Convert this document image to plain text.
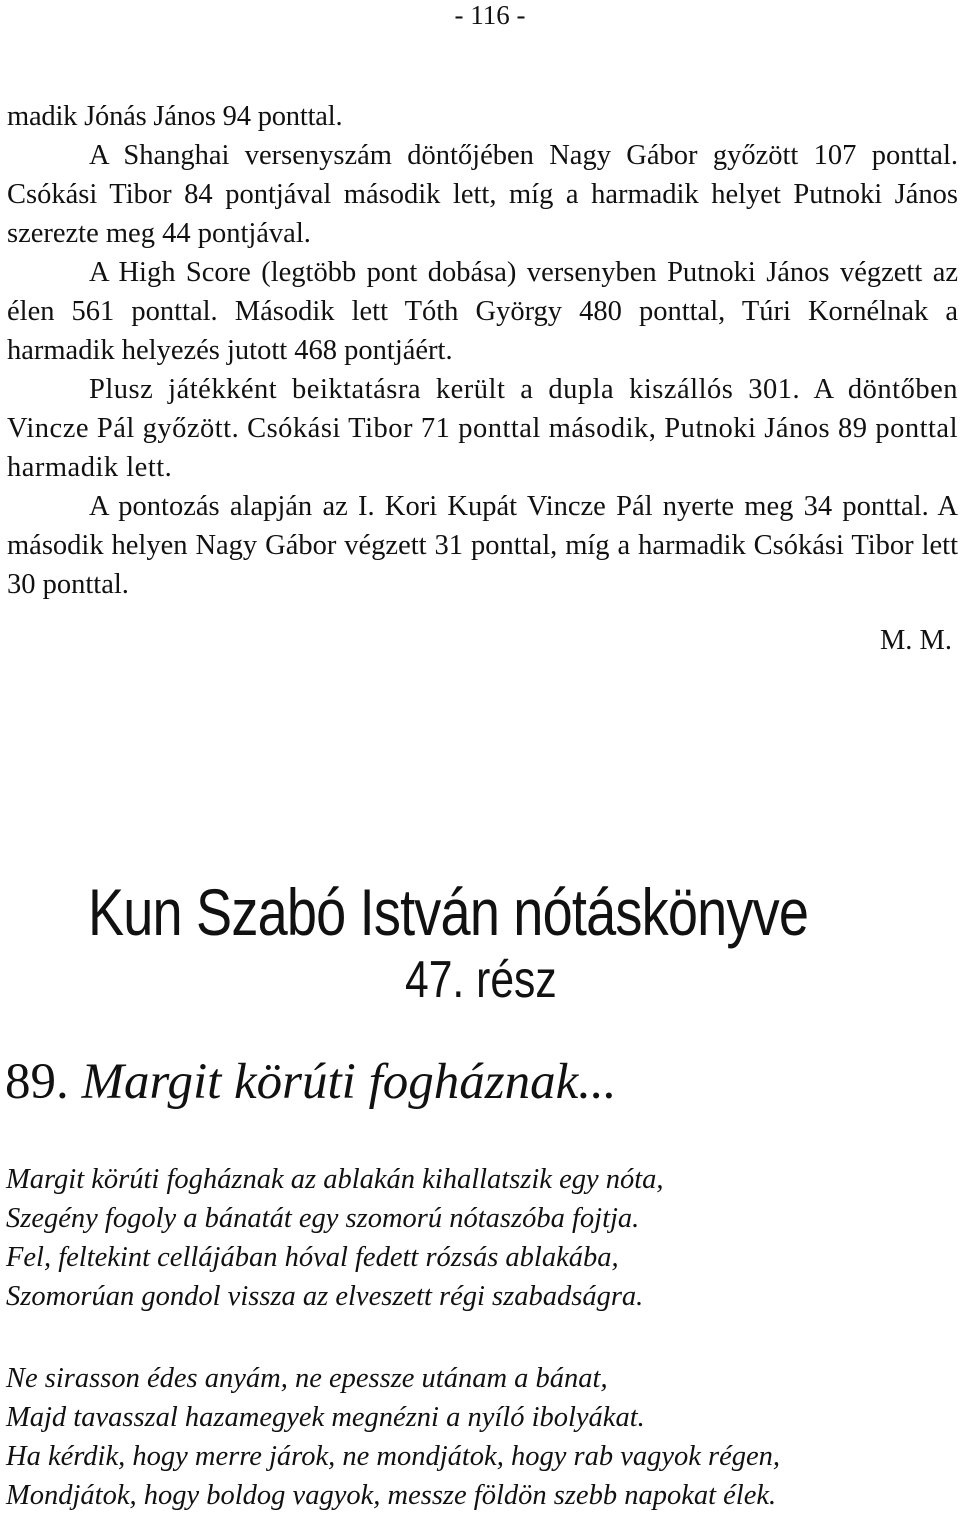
- 116 -

madik Jónás János 94 ponttal.

A Shanghai versenyszám döntőjében Nagy Gábor győzött 107 ponttal. Csókási Tibor 84 pontjával második lett, míg a harmadik helyet Putnoki János szerezte meg 44 pontjával.

A High Score (legtöbb pont dobása) versenyben Putnoki János végzett az élen 561 ponttal. Második lett Tóth György 480 ponttal, Túri Kornélnak a harmadik helyezés jutott 468 pontjáért.

Plusz játékként beiktatásra került a dupla kiszállós 301. A döntőben Vincze Pál győzött. Csókási Tibor 71 ponttal második, Putnoki János 89 ponttal harmadik lett.

A pontozás alapján az I. Kori Kupát Vincze Pál nyerte meg 34 ponttal. A második helyen Nagy Gábor végzett 31 ponttal, míg a harmadik Csókási Tibor lett 30 ponttal.

M. M.
Kun Szabó István nótáskönyve
47. rész
89. Margit körúti fogháznak...
Margit körúti fogháznak az ablakán kihallatszik egy nóta,
Szegény fogoly a bánatát egy szomorú nótaszóba fojtja.
Fel, feltekint cellájában hóval fedett rózsás ablakába,
Szomorúan gondol vissza az elveszett régi szabadságra.
Ne sirasson édes anyám, ne epessze utánam a bánat,
Majd tavasszal hazamegyek megnézni a nyíló ibolyákat.
Ha kérdik, hogy merre járok, ne mondjátok, hogy rab vagyok régen,
Mondjátok, hogy boldog vagyok, messze földön szebb napokat élek.
